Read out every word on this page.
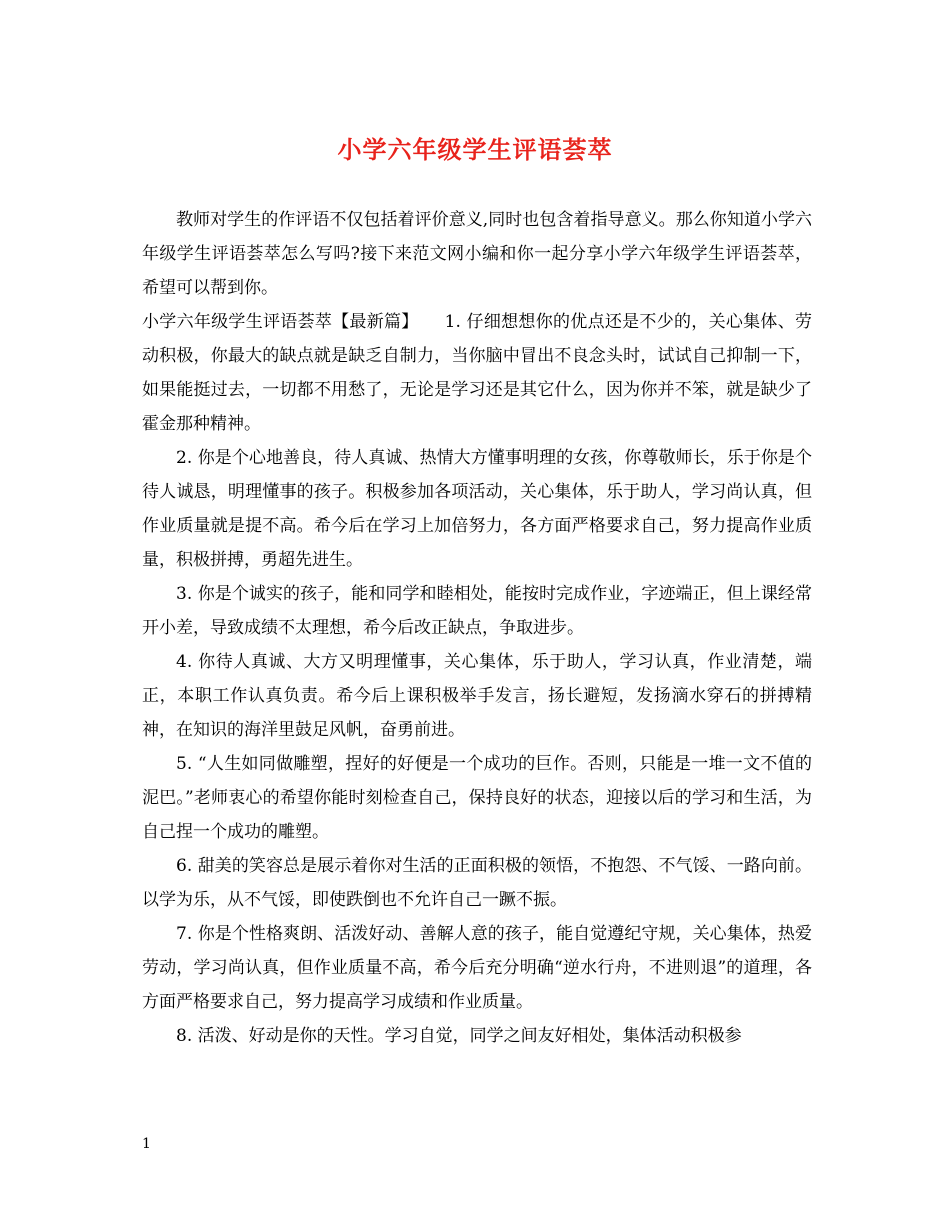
小学六年级学生评语荟萃

教师对学生的作评语不仅包括着评价意义,同时也包含着指导意义。那么你知道小学六年级学生评语荟萃怎么写吗?接下来范文网小编和你一起分享小学六年级学生评语荟萃，希望可以帮到你。

小学六年级学生评语荟萃【最新篇】　　1. 仔细想想你的优点还是不少的，关心集体、劳动积极，你最大的缺点就是缺乏自制力，当你脑中冒出不良念头时，试试自己抑制一下，如果能挺过去，一切都不用愁了，无论是学习还是其它什么，因为你并不笨，就是缺少了霍金那种精神。

2. 你是个心地善良，待人真诚、热情大方懂事明理的女孩，你尊敬师长，乐于你是个待人诚恳，明理懂事的孩子。积极参加各项活动，关心集体，乐于助人，学习尚认真，但作业质量就是提不高。希今后在学习上加倍努力，各方面严格要求自己，努力提高作业质量，积极拼搏，勇超先进生。

3. 你是个诚实的孩子，能和同学和睦相处，能按时完成作业，字迹端正，但上课经常开小差，导致成绩不太理想，希今后改正缺点，争取进步。

4. 你待人真诚、大方又明理懂事，关心集体，乐于助人，学习认真，作业清楚，端正，本职工作认真负责。希今后上课积极举手发言，扬长避短，发扬滴水穿石的拼搏精神，在知识的海洋里鼓足风帆，奋勇前进。

5. “人生如同做雕塑，捏好的好便是一个成功的巨作。否则，只能是一堆一文不值的泥巴。”老师衷心的希望你能时刻检查自己，保持良好的状态，迎接以后的学习和生活，为自己捏一个成功的雕塑。

6. 甜美的笑容总是展示着你对生活的正面积极的领悟，不抱怨、不气馁、一路向前。以学为乐，从不气馁，即使跌倒也不允许自己一蹶不振。

7. 你是个性格爽朗、活泼好动、善解人意的孩子，能自觉遵纪守规，关心集体，热爱劳动，学习尚认真，但作业质量不高，希今后充分明确“逆水行舟，不进则退”的道理，各方面严格要求自己，努力提高学习成绩和作业质量。

8. 活泼、好动是你的天性。学习自觉，同学之间友好相处，集体活动积极参

1
